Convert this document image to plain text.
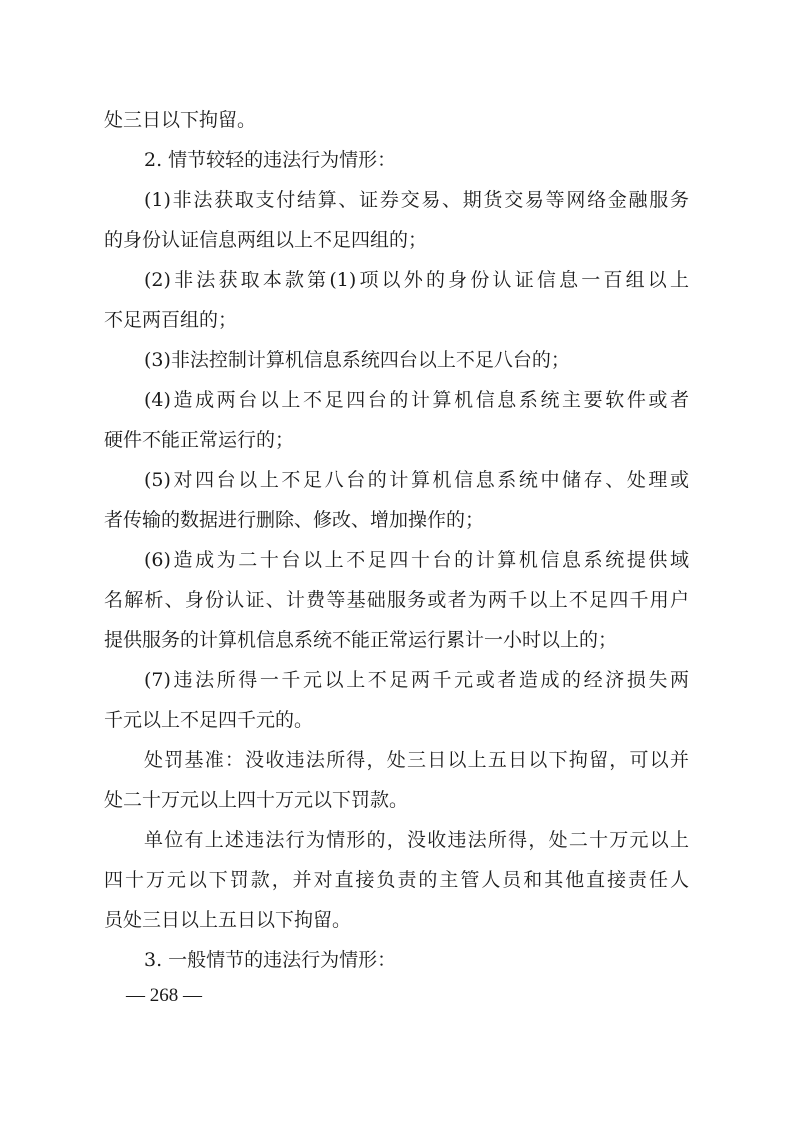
处三日以下拘留。
2. 情节较轻的违法行为情形：
(1)非法获取支付结算、证券交易、期货交易等网络金融服务
的身份认证信息两组以上不足四组的；
(2)非法获取本款第(1)项以外的身份认证信息一百组以上
不足两百组的；
(3)非法控制计算机信息系统四台以上不足八台的；
(4)造成两台以上不足四台的计算机信息系统主要软件或者
硬件不能正常运行的；
(5)对四台以上不足八台的计算机信息系统中储存、处理或
者传输的数据进行删除、修改、增加操作的；
(6)造成为二十台以上不足四十台的计算机信息系统提供域
名解析、身份认证、计费等基础服务或者为两千以上不足四千用户
提供服务的计算机信息系统不能正常运行累计一小时以上的；
(7)违法所得一千元以上不足两千元或者造成的经济损失两
千元以上不足四千元的。
处罚基准：没收违法所得，处三日以上五日以下拘留，可以并
处二十万元以上四十万元以下罚款。
单位有上述违法行为情形的，没收违法所得，处二十万元以上
四十万元以下罚款，并对直接负责的主管人员和其他直接责任人
员处三日以上五日以下拘留。
3. 一般情节的违法行为情形：
— 268 —
